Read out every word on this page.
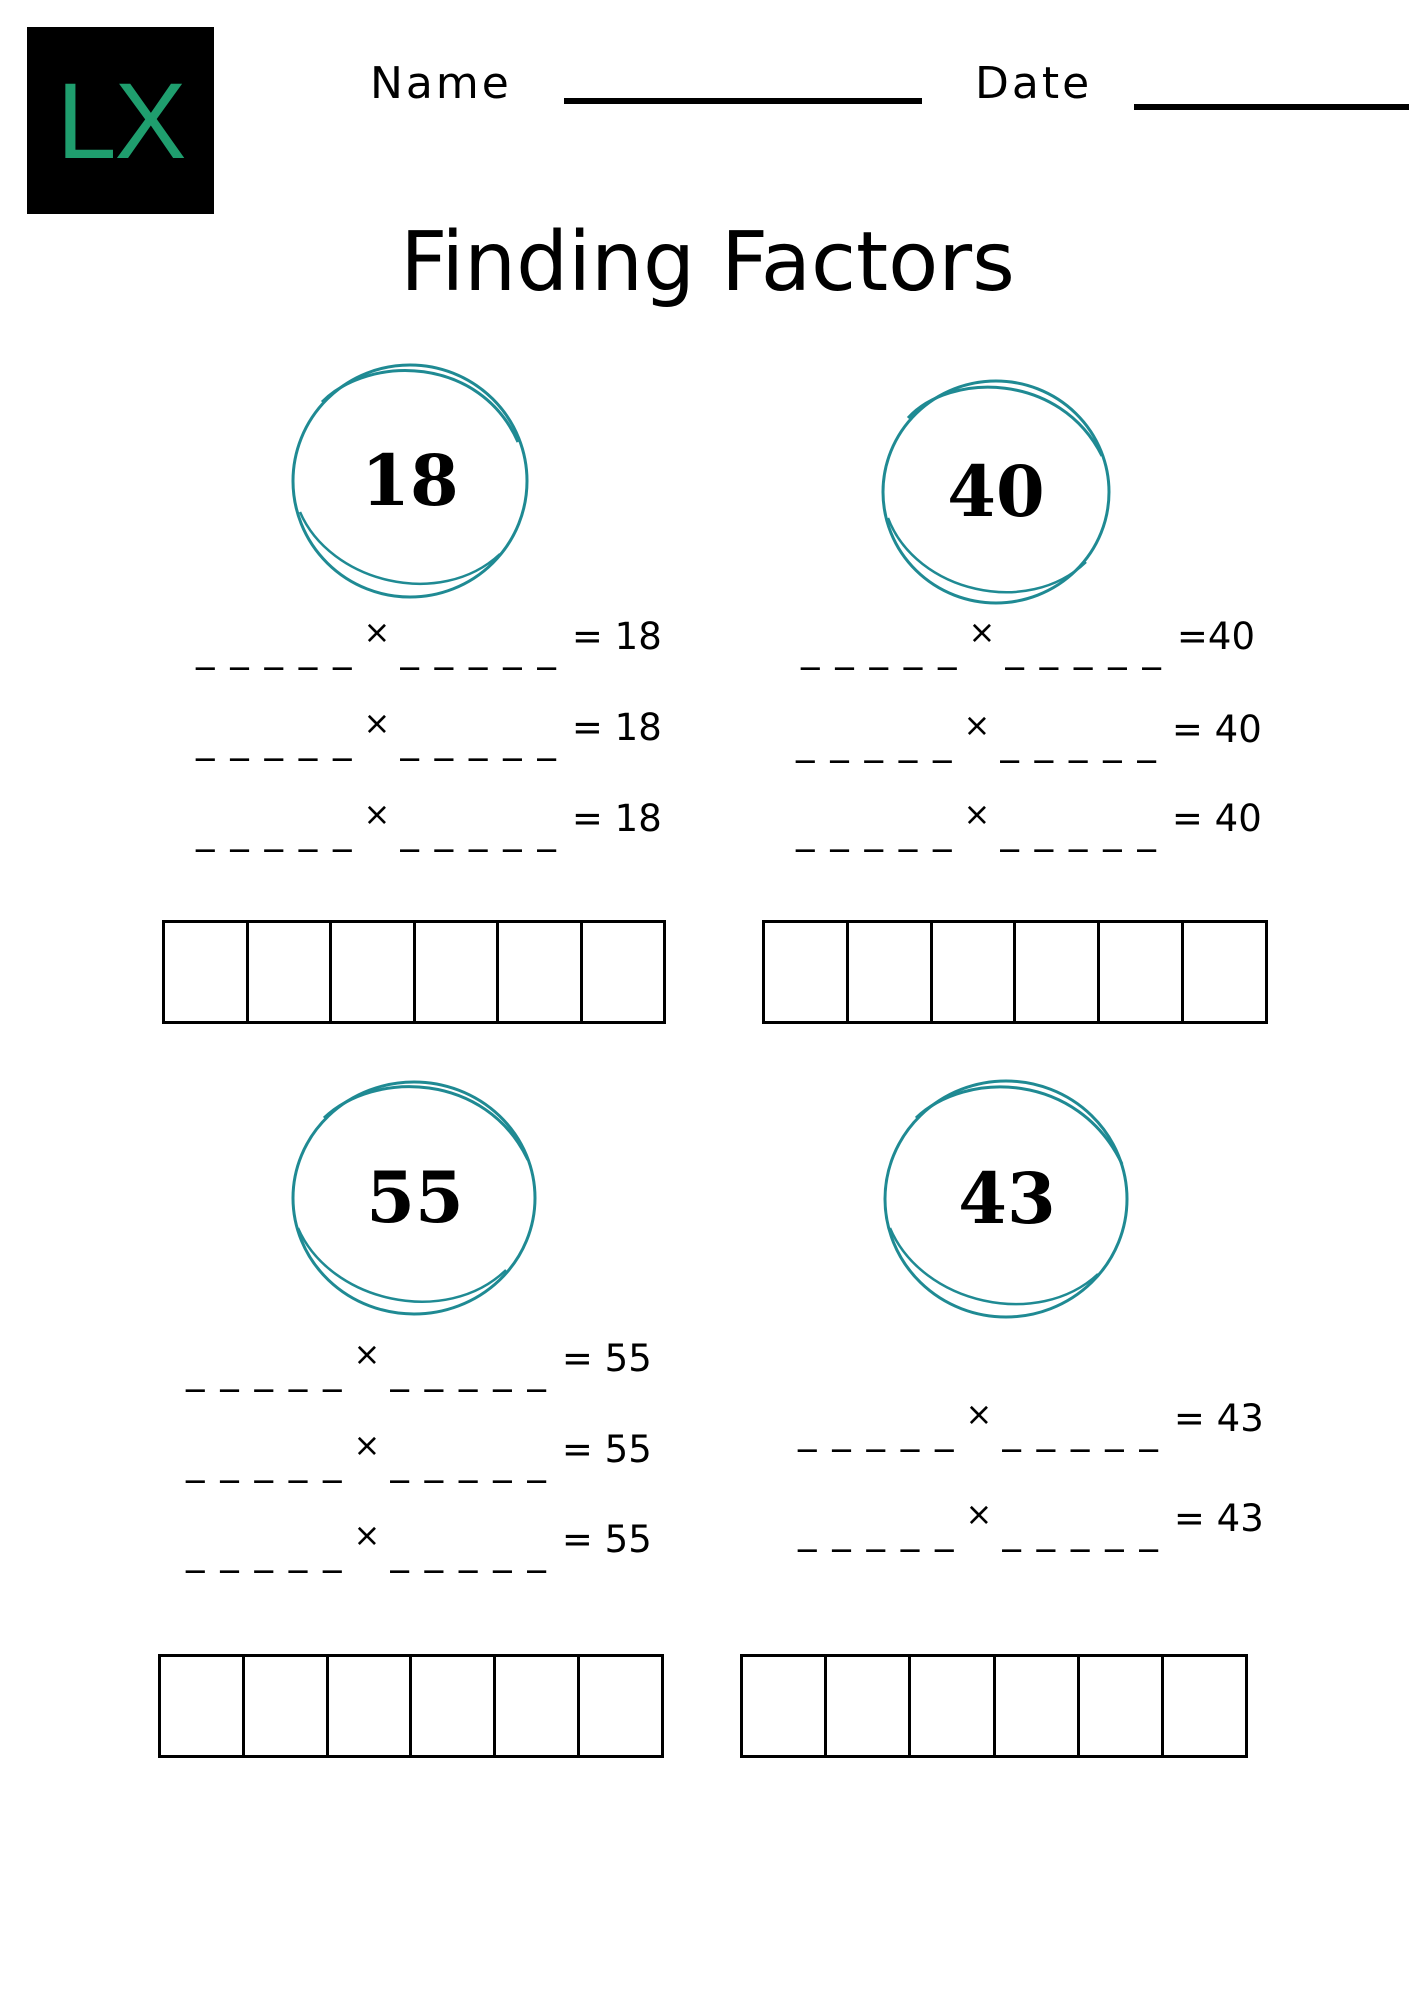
LX	Name	Date
Finding Factors
18
_ _ _ _ _ × _ _ _ _ _ = 18
_ _ _ _ _ × _ _ _ _ _ = 18
_ _ _ _ _ × _ _ _ _ _ = 18
40
_ _ _ _ _ × _ _ _ _ _ =40
_ _ _ _ _ × _ _ _ _ _ = 40
_ _ _ _ _ × _ _ _ _ _ = 40
55
_ _ _ _ _ × _ _ _ _ _ = 55
_ _ _ _ _ × _ _ _ _ _ = 55
_ _ _ _ _ × _ _ _ _ _ = 55
43
_ _ _ _ _ × _ _ _ _ _ = 43
_ _ _ _ _ × _ _ _ _ _ = 43
